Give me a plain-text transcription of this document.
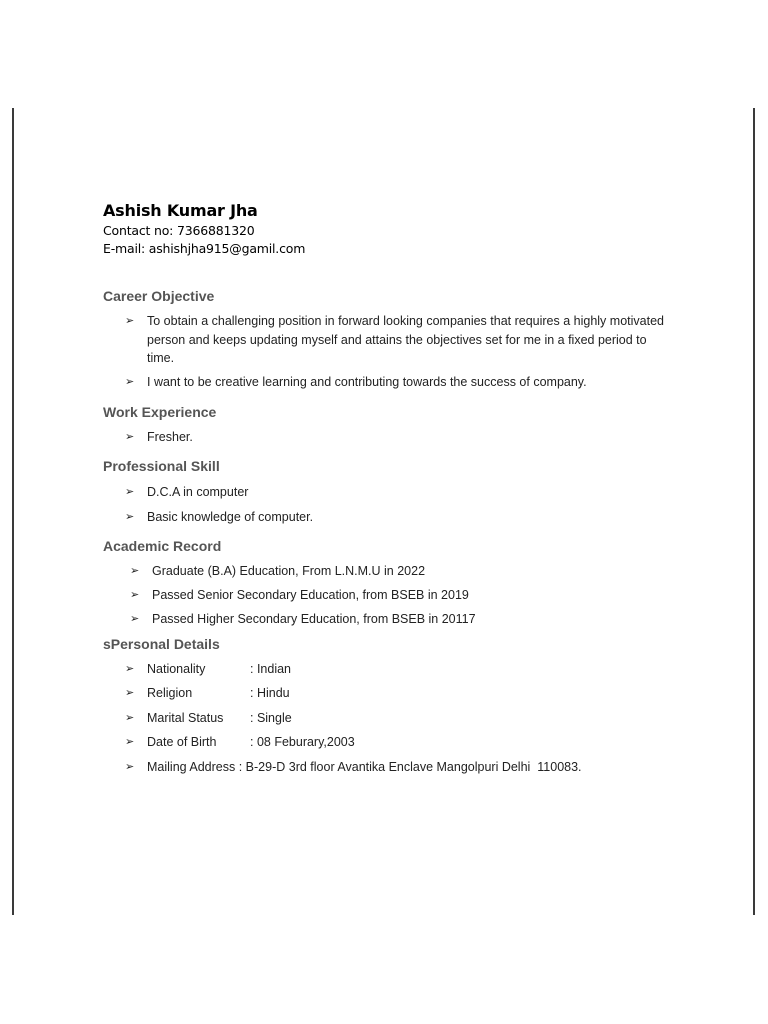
Ashish Kumar Jha
Contact no: 7366881320
E-mail: ashishjha915@gamil.com
Career Objective
➢ To obtain a challenging position in forward looking companies that requires a highly motivated person and keeps updating myself and attains the objectives set for me in a fixed period to time.
➢ I want to be creative learning and contributing towards the success of company.
Work Experience
➢ Fresher.
Professional Skill
➢ D.C.A in computer
➢ Basic knowledge of computer.
Academic Record
➢ Graduate (B.A) Education, From L.N.M.U in 2022
➢ Passed Senior Secondary Education, from BSEB in 2019
➢ Passed Higher Secondary Education, from BSEB in 20117
sPersonal Details
➢ Nationality	: Indian
➢ Religion	: Hindu
➢ Marital Status	: Single
➢ Date of Birth	: 08 Feburary,2003
➢ Mailing Address
: B-29-D 3rd floor Avantika Enclave Mangolpuri Delhi  110083.
